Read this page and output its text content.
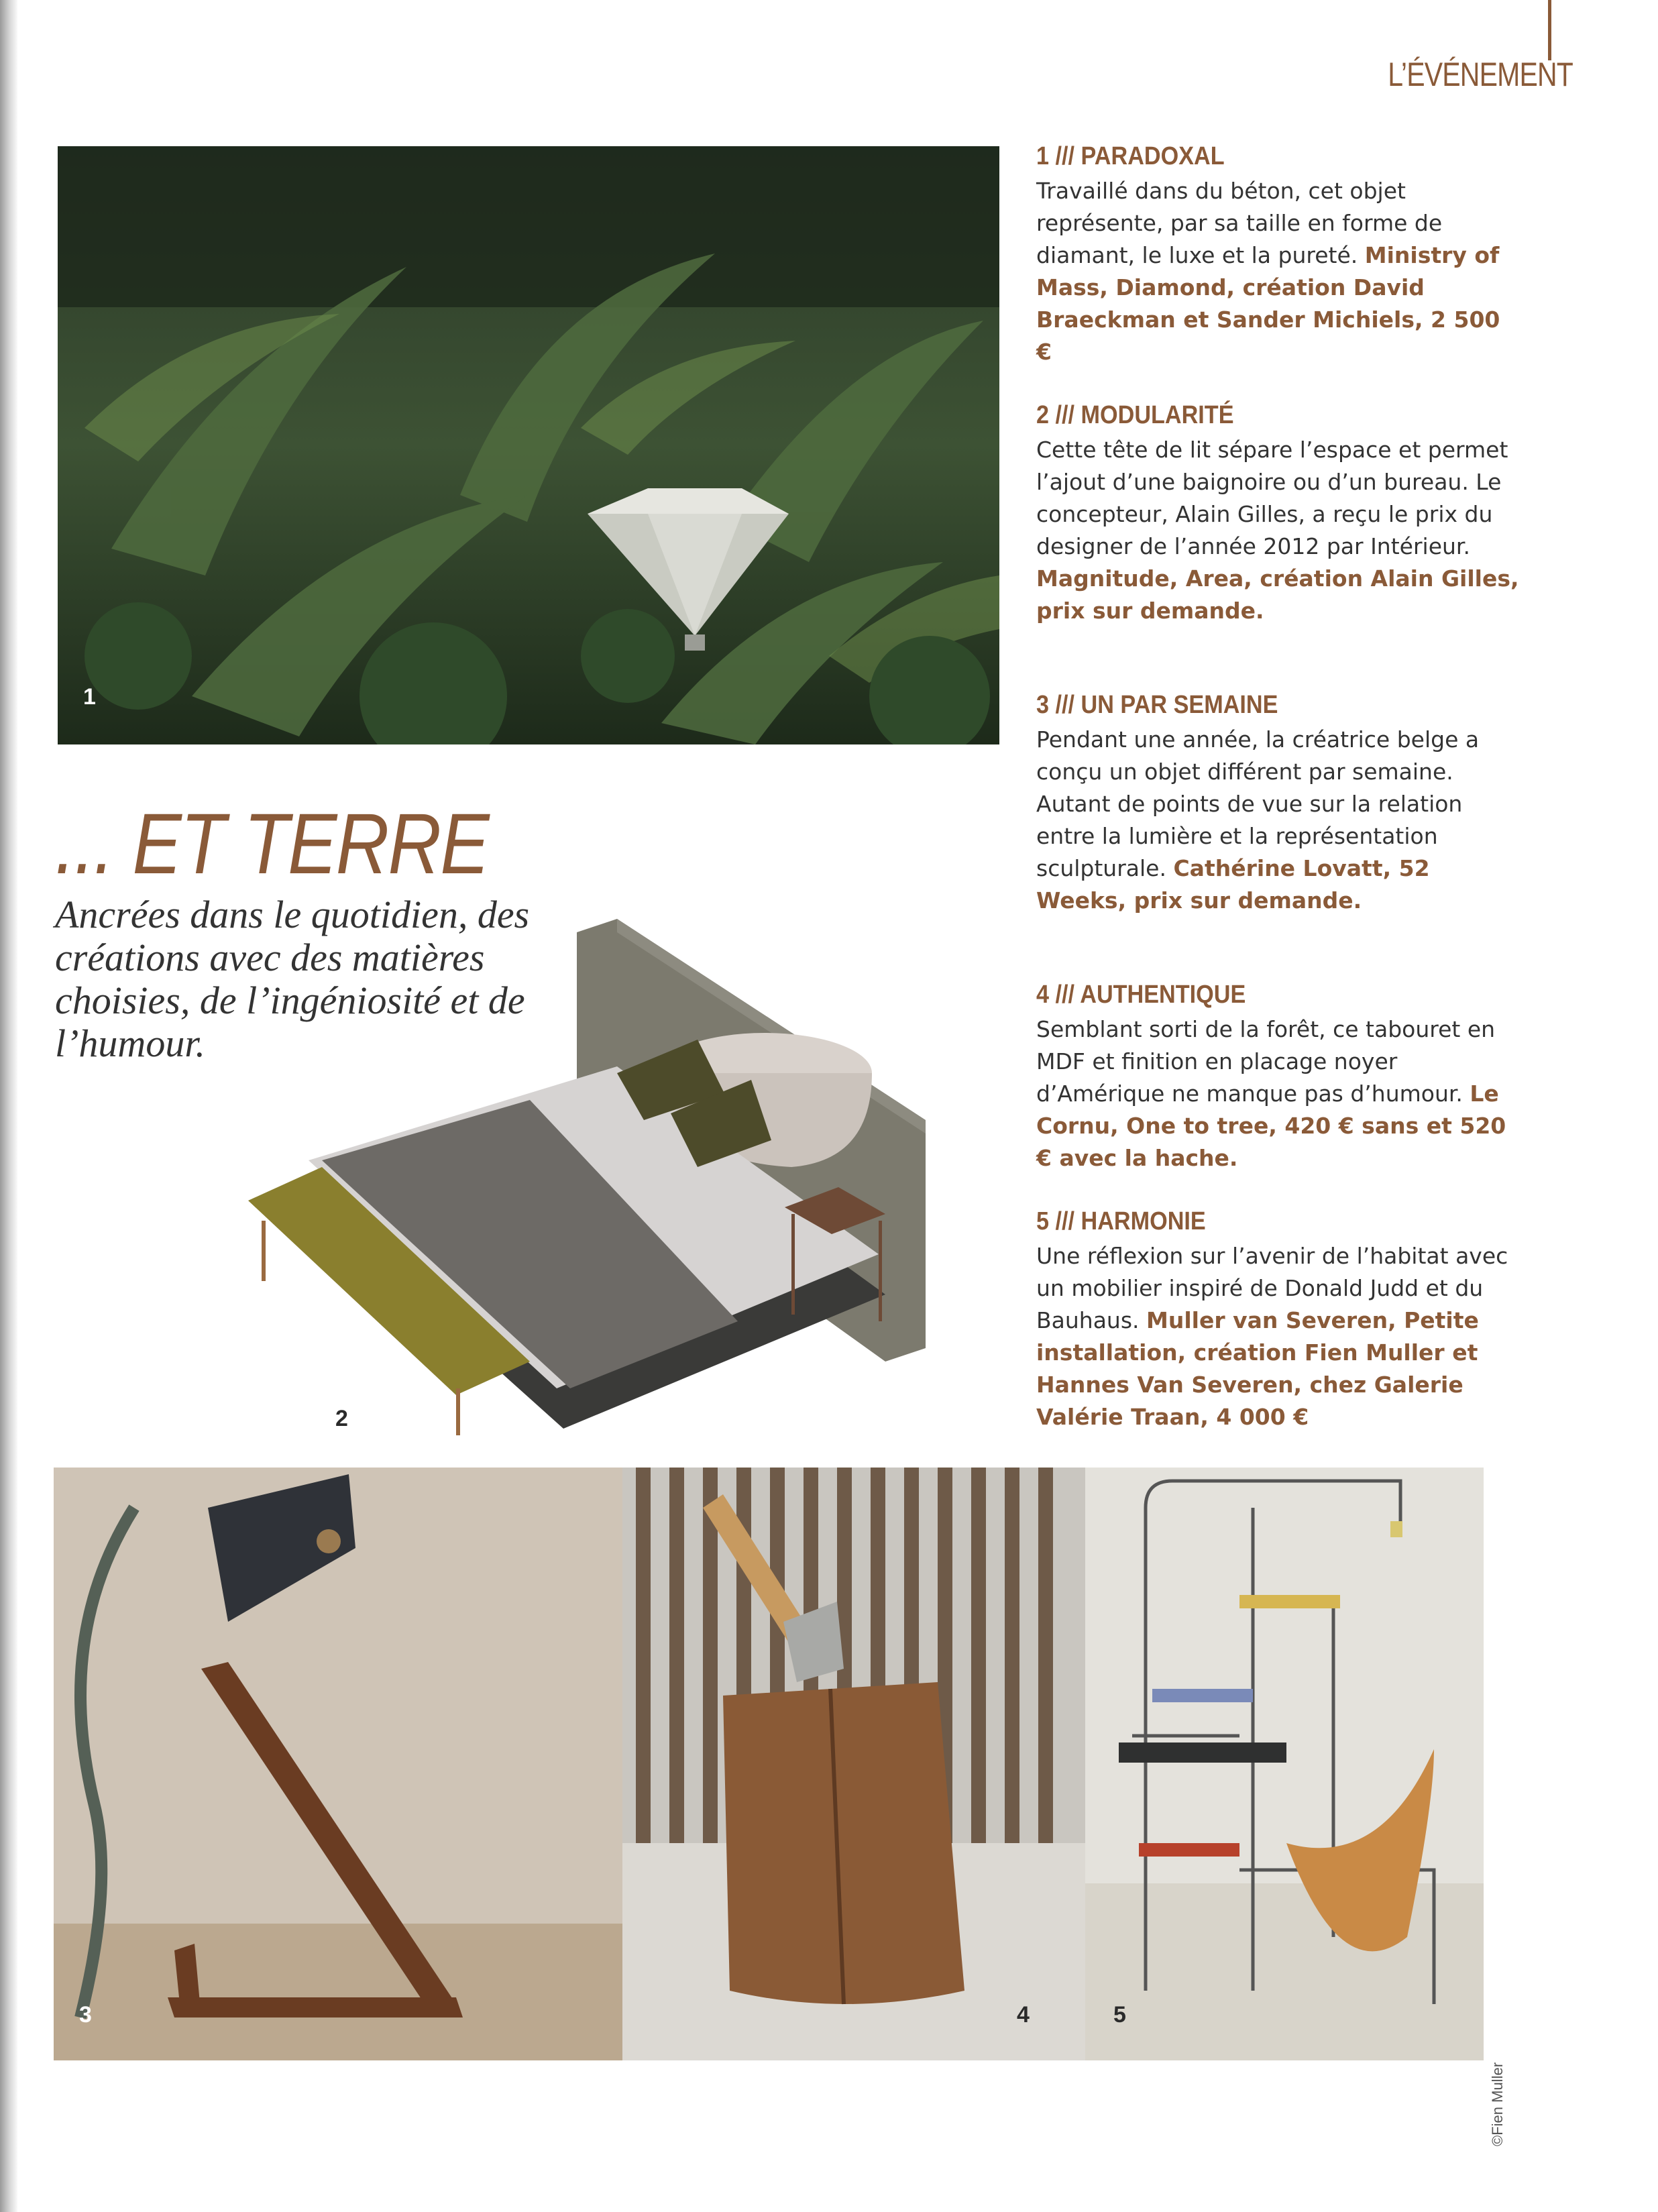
L’ÉVÉNEMENT
1

1 /// PARADOXAL

Travaillé dans du béton, cet objet représente, par sa taille en forme de diamant, le luxe et la pureté. Ministry of Mass, Diamond, création David Braeckman et Sander Michiels, 2 500 €

2 /// MODULARITÉ

Cette tête de lit sépare l’espace et permet l’ajout d’une baignoire ou d’un bureau. Le concepteur, Alain Gilles, a reçu le prix du designer de l’année 2012 par Intérieur. Magnitude, Area, création Alain Gilles, prix sur demande.

3 /// UN PAR SEMAINE

Pendant une année, la créatrice belge a conçu un objet différent par semaine. Autant de points de vue sur la relation entre la lumière et la représentation sculpturale. Cathérine Lovatt, 52 Weeks, prix sur demande.

4 /// AUTHENTIQUE

Semblant sorti de la forêt, ce tabouret en MDF et finition en placage noyer d’Amérique ne manque pas d’humour. Le Cornu, One to tree, 420 € sans et 520 € avec la hache.

5 /// HARMONIE

Une réflexion sur l’avenir de l’habitat avec un mobilier inspiré de Donald Judd et du Bauhaus. Muller van Severen, Petite installation, création Fien Muller et Hannes Van Severen, chez Galerie Valérie Traan, 4 000 €

... ET TERRE

Ancrées dans le quotidien, des créations avec des matières choisies, de l’ingéniosité et de l’humour.

2
3	4	5
©Fien Muller
